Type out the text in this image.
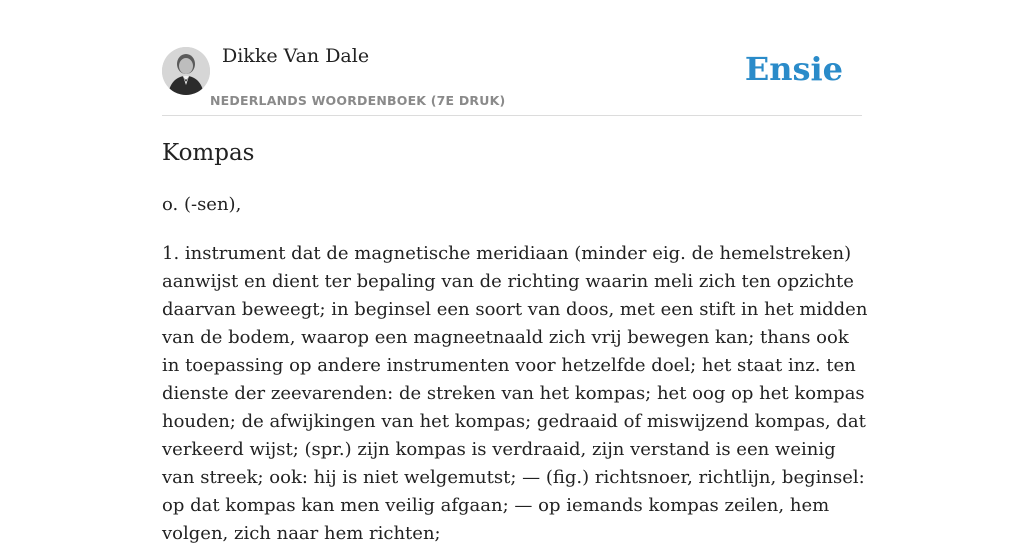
Dikke Van Dale
NEDERLANDS WOORDENBOEK (7E DRUK)
Ensie
Kompas

o. (-sen),

1. instrument dat de magnetische meridiaan (minder eig. de hemelstreken) aanwijst en dient ter bepaling van de richting waarin meli zich ten opzichte daarvan beweegt; in beginsel een soort van doos, met een stift in het midden van de bodem, waarop een magneetnaald zich vrij bewegen kan; thans ook in toepassing op andere instrumenten voor hetzelfde doel; het staat inz. ten dienste der zeevarenden: de streken van het kompas; het oog op het kompas houden; de afwijkingen van het kompas; gedraaid of miswijzend kompas, dat verkeerd wijst; (spr.) zijn kompas is verdraaid, zijn verstand is een weinig van streek; ook: hij is niet welgemutst; — (fig.) richtsnoer, richtlijn, beginsel: op dat kompas kan men veilig afgaan; — op iemands kompas zeilen, hem volgen, zich naar hem richten;
